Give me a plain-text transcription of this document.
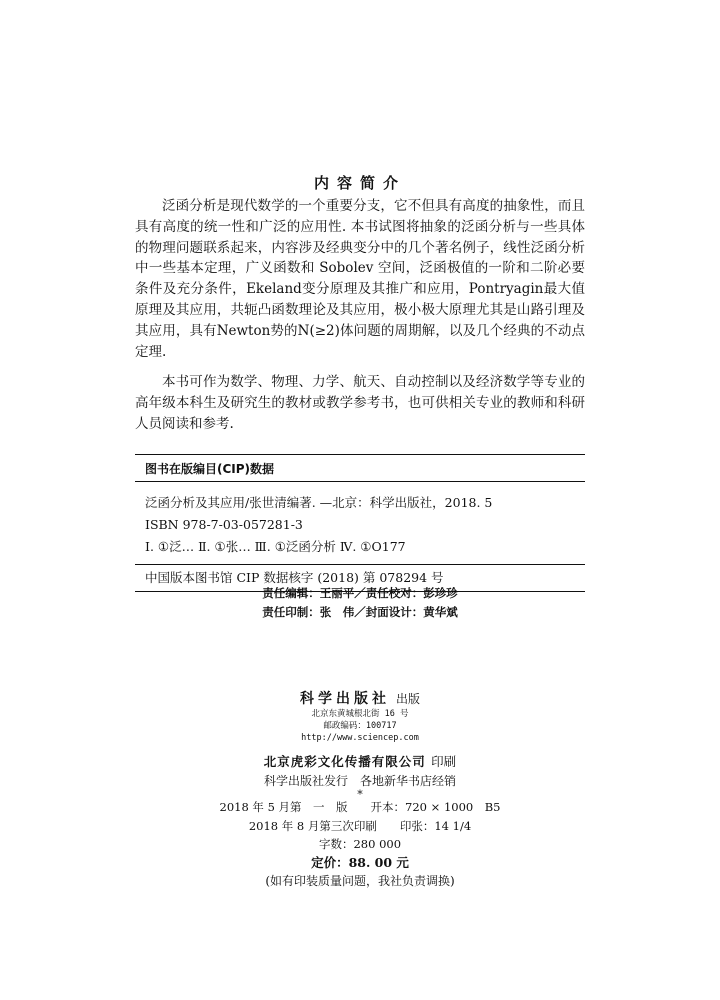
内容简介

泛函分析是现代数学的一个重要分支，它不但具有高度的抽象性，而且具有高度的统一性和广泛的应用性. 本书试图将抽象的泛函分析与一些具体的物理问题联系起来，内容涉及经典变分中的几个著名例子，线性泛函分析中一些基本定理，广义函数和 Sobolev 空间，泛函极值的一阶和二阶必要条件及充分条件，Ekeland变分原理及其推广和应用，Pontryagin最大值原理及其应用，共轭凸函数理论及其应用，极小极大原理尤其是山路引理及其应用，具有Newton势的N(≥2)体问题的周期解，以及几个经典的不动点定理.

本书可作为数学、物理、力学、航天、自动控制以及经济数学等专业的高年级本科生及研究生的教材或教学参考书，也可供相关专业的教师和科研人员阅读和参考.

图书在版编目(CIP)数据
泛函分析及其应用/张世清编著. —北京：科学出版社，2018. 5
ISBN 978-7-03-057281-3
Ⅰ. ①泛… Ⅱ. ①张… Ⅲ. ①泛函分析 Ⅳ. ①O177
中国版本图书馆 CIP 数据核字 (2018) 第 078294 号
责任编辑：王丽平／责任校对：彭珍珍
责任印制：张　伟／封面设计：黄华斌
科学出版社 出版
北京东黄城根北街 16 号
邮政编码：100717
http://www.sciencep.com
北京虎彩文化传播有限公司 印刷
科学出版社发行　各地新华书店经销
*
2018 年 5 月第　一　版　　开本：720 × 1000　B5
2018 年 8 月第三次印刷　　印张：14 1/4
字数：280 000
定价：88. 00 元
(如有印装质量问题，我社负责调换)
